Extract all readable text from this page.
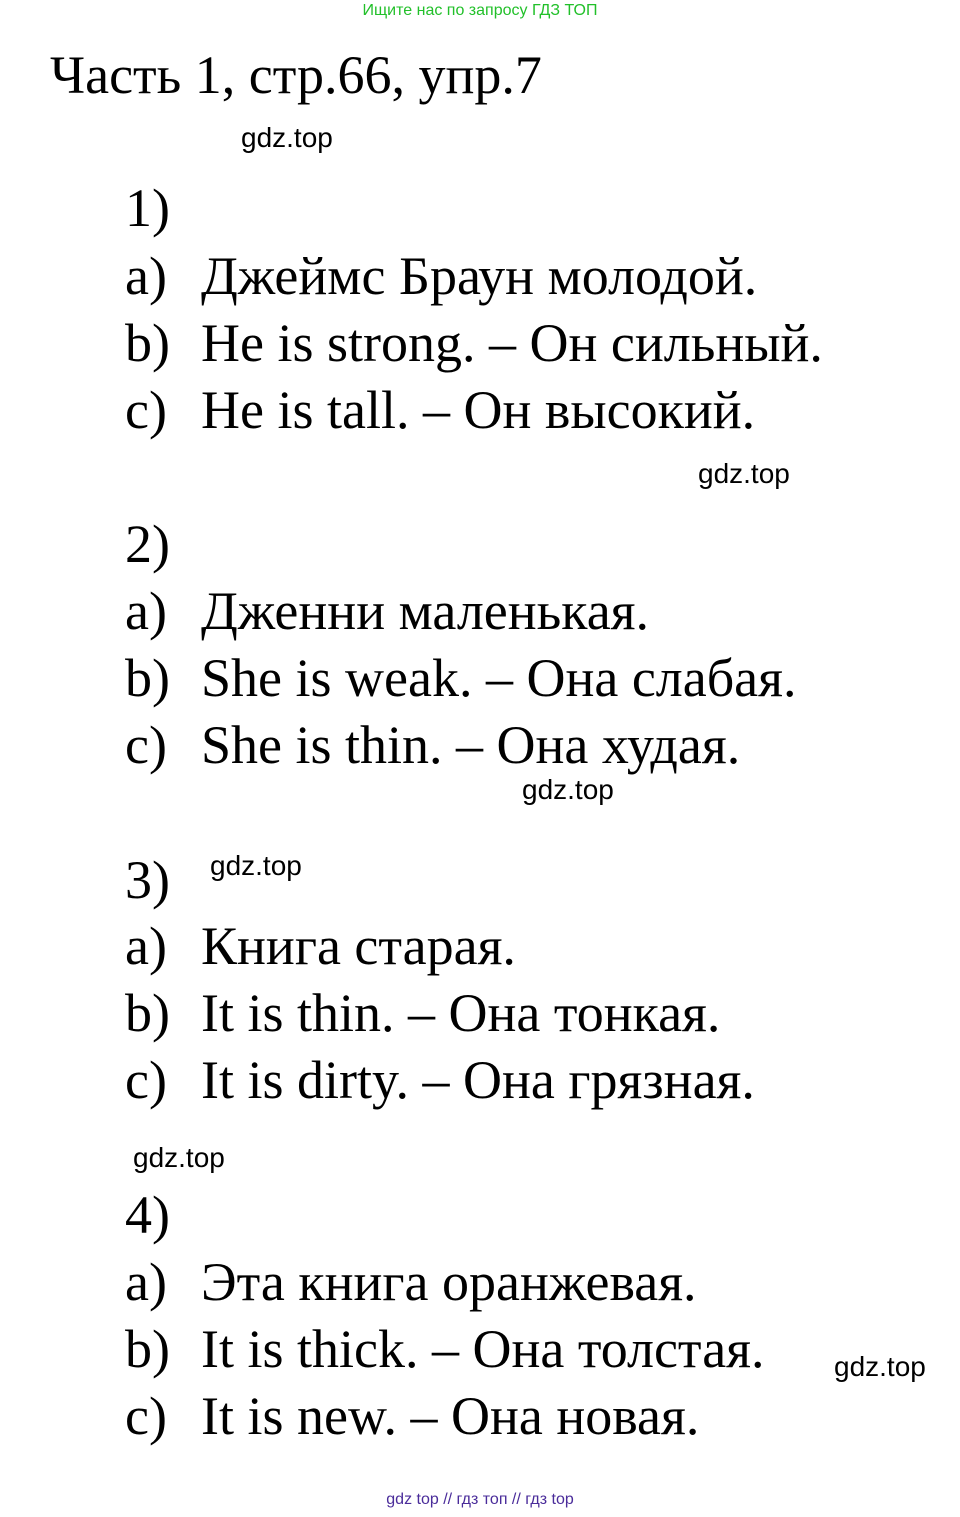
Ищите нас по запросу ГДЗ ТОП
Часть 1, стр.66, упр.7
gdz.top
1)
a) Джеймс Браун молодой.
b) He is strong. – Он сильный.
c) He is tall. – Он высокий.
gdz.top
2)
a) Дженни маленькая.
b) She is weak. – Она слабая.
c) She is thin. – Она худая.
gdz.top
3) gdz.top
a) Книга старая.
b) It is thin. – Она тонкая.
c) It is dirty. – Она грязная.
gdz.top
4)
a) Эта книга оранжевая.
b) It is thick. – Она толстая. gdz.top
c) It is new. – Она новая.
gdz top // гдз топ // гдз top
